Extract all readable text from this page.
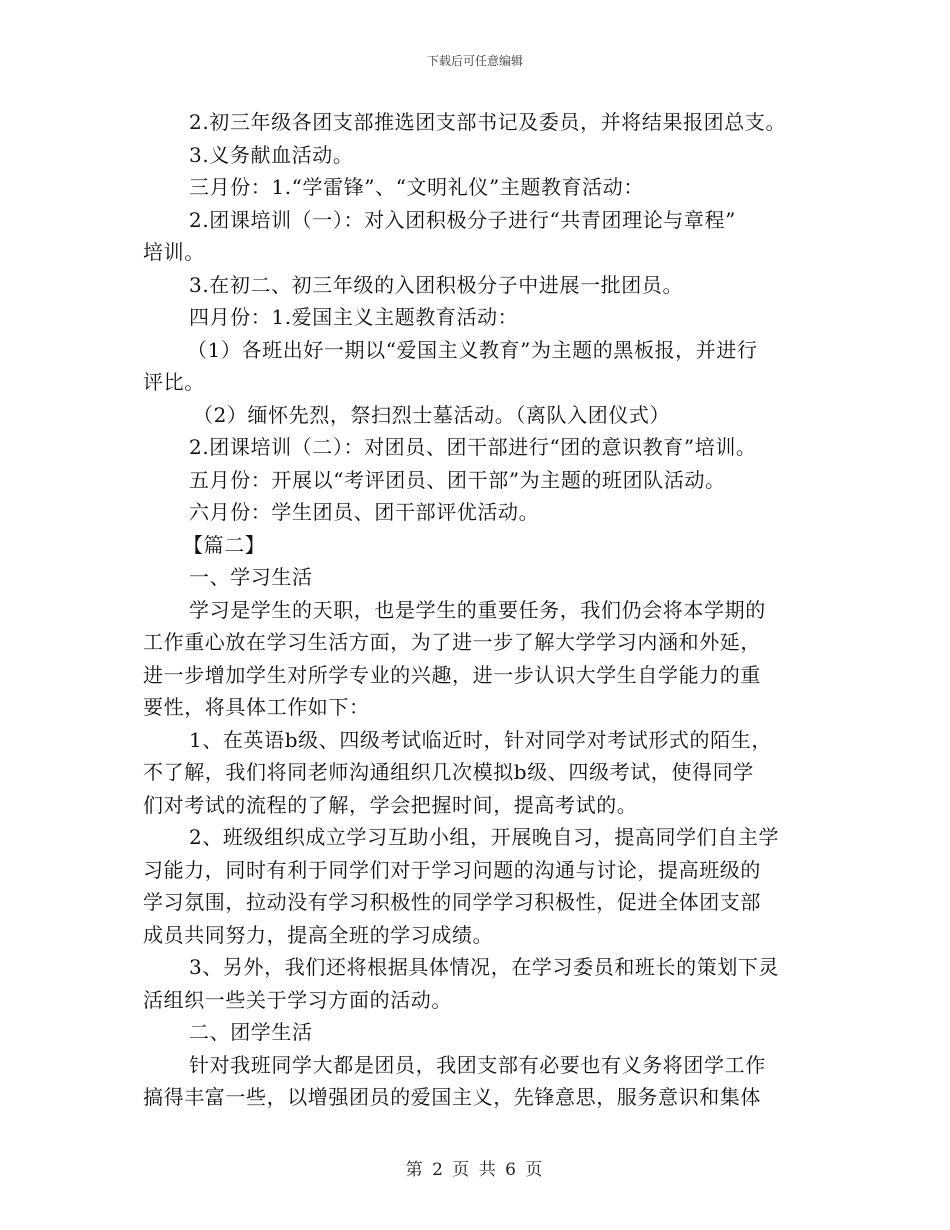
下载后可任意编辑
2.初三年级各团支部推选团支部书记及委员，并将结果报团总支。
3.义务献血活动。
三月份：1.“学雷锋”、“文明礼仪”主题教育活动：
2.团课培训（一）：对入团积极分子进行“共青团理论与章程”
培训。
3.在初二、初三年级的入团积极分子中进展一批团员。
四月份：1.爱国主义主题教育活动：
（1）各班出好一期以“爱国主义教育”为主题的黑板报，并进行
评比。
（2）缅怀先烈，祭扫烈士墓活动。（离队入团仪式）
2.团课培训（二）：对团员、团干部进行“团的意识教育”培训。
五月份：开展以“考评团员、团干部”为主题的班团队活动。
六月份：学生团员、团干部评优活动。
【篇二】
一、学习生活
学习是学生的天职，也是学生的重要任务，我们仍会将本学期的
工作重心放在学习生活方面，为了进一步了解大学学习内涵和外延，
进一步增加学生对所学专业的兴趣，进一步认识大学生自学能力的重
要性，将具体工作如下：
1、在英语b级、四级考试临近时，针对同学对考试形式的陌生，
不了解，我们将同老师沟通组织几次模拟b级、四级考试，使得同学
们对考试的流程的了解，学会把握时间，提高考试的。
2、班级组织成立学习互助小组，开展晚自习，提高同学们自主学
习能力，同时有利于同学们对于学习问题的沟通与讨论，提高班级的
学习氛围，拉动没有学习积极性的同学学习积极性，促进全体团支部
成员共同努力，提高全班的学习成绩。
3、另外，我们还将根据具体情况，在学习委员和班长的策划下灵
活组织一些关于学习方面的活动。
二、团学生活
针对我班同学大都是团员，我团支部有必要也有义务将团学工作
搞得丰富一些，以增强团员的爱国主义，先锋意思，服务意识和集体
第 2 页 共 6 页
